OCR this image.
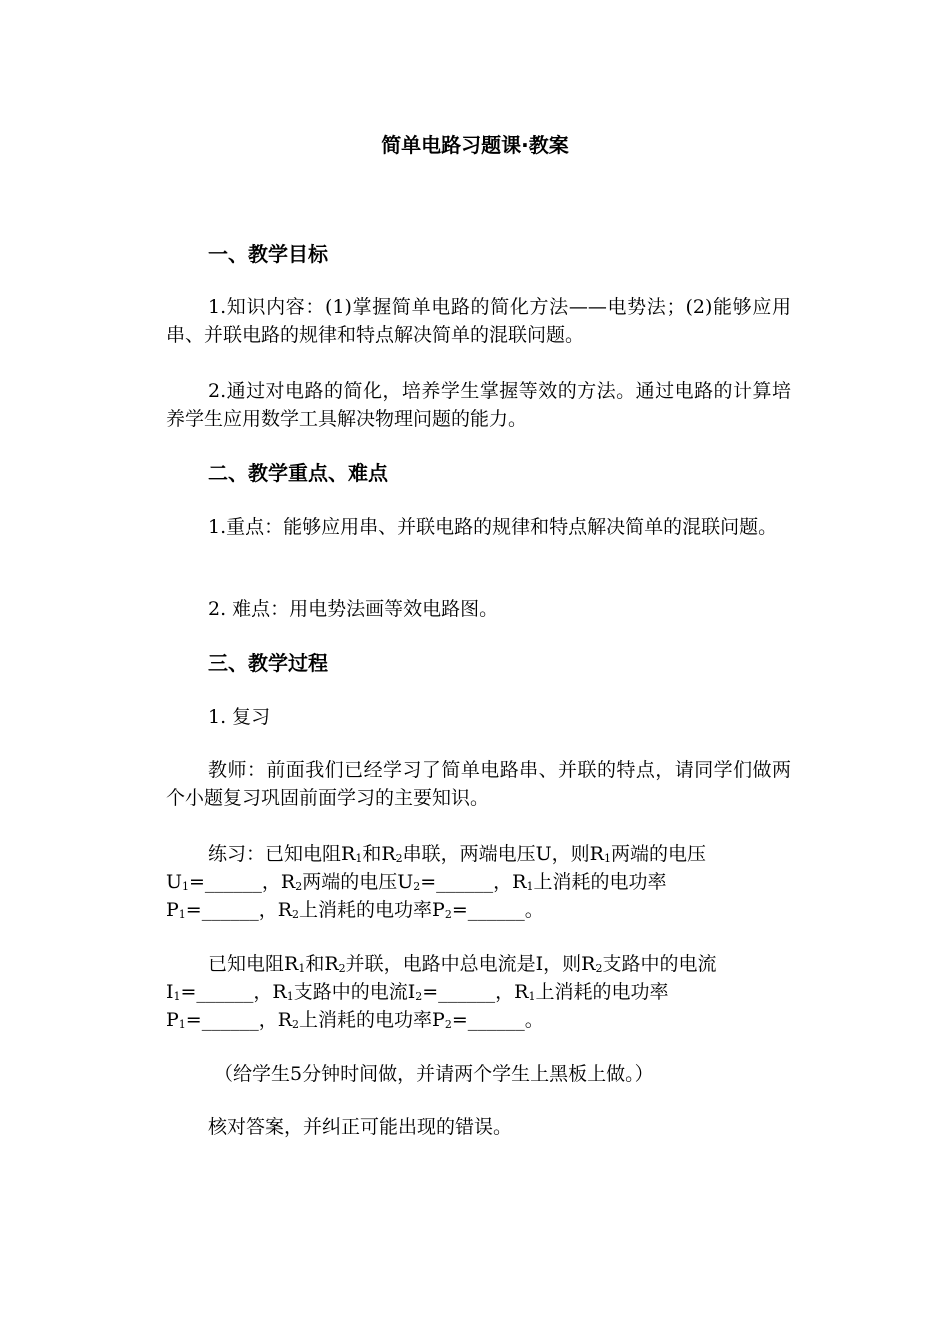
简单电路习题课·教案
一、教学目标
1.知识内容：(1)掌握简单电路的简化方法——电势法；(2)能够应用串、并联电路的规律和特点解决简单的混联问题。
2.通过对电路的简化，培养学生掌握等效的方法。通过电路的计算培养学生应用数学工具解决物理问题的能力。
二、教学重点、难点
1.重点：能够应用串、并联电路的规律和特点解决简单的混联问题。
2. 难点：用电势法画等效电路图。
三、教学过程
1. 复习
教师：前面我们已经学习了简单电路串、并联的特点，请同学们做两个小题复习巩固前面学习的主要知识。
练习：已知电阻$R_1$和$R_2$串联，两端电压U，则$R_1$两端的电压
$U_1=\_\_\_\_\_\_$，$R_2$两端的电压$U_2=\_\_\_\_\_\_$，$R_1$上消耗的电功率
$P_1=\_\_\_\_\_\_$，$R_2$上消耗的电功率$P_2=\_\_\_\_\_\_$。
已知电阻$R_1$和$R_2$并联，电路中总电流是I，则$R_2$支路中的电流
$I_1=\_\_\_\_\_\_$，$R_1$支路中的电流$I_2=\_\_\_\_\_\_$，$R_1$上消耗的电功率
$P_1=\_\_\_\_\_\_$，$R_2$上消耗的电功率$P_2=\_\_\_\_\_\_$。
（给学生5分钟时间做，并请两个学生上黑板上做。）
核对答案，并纠正可能出现的错误。
